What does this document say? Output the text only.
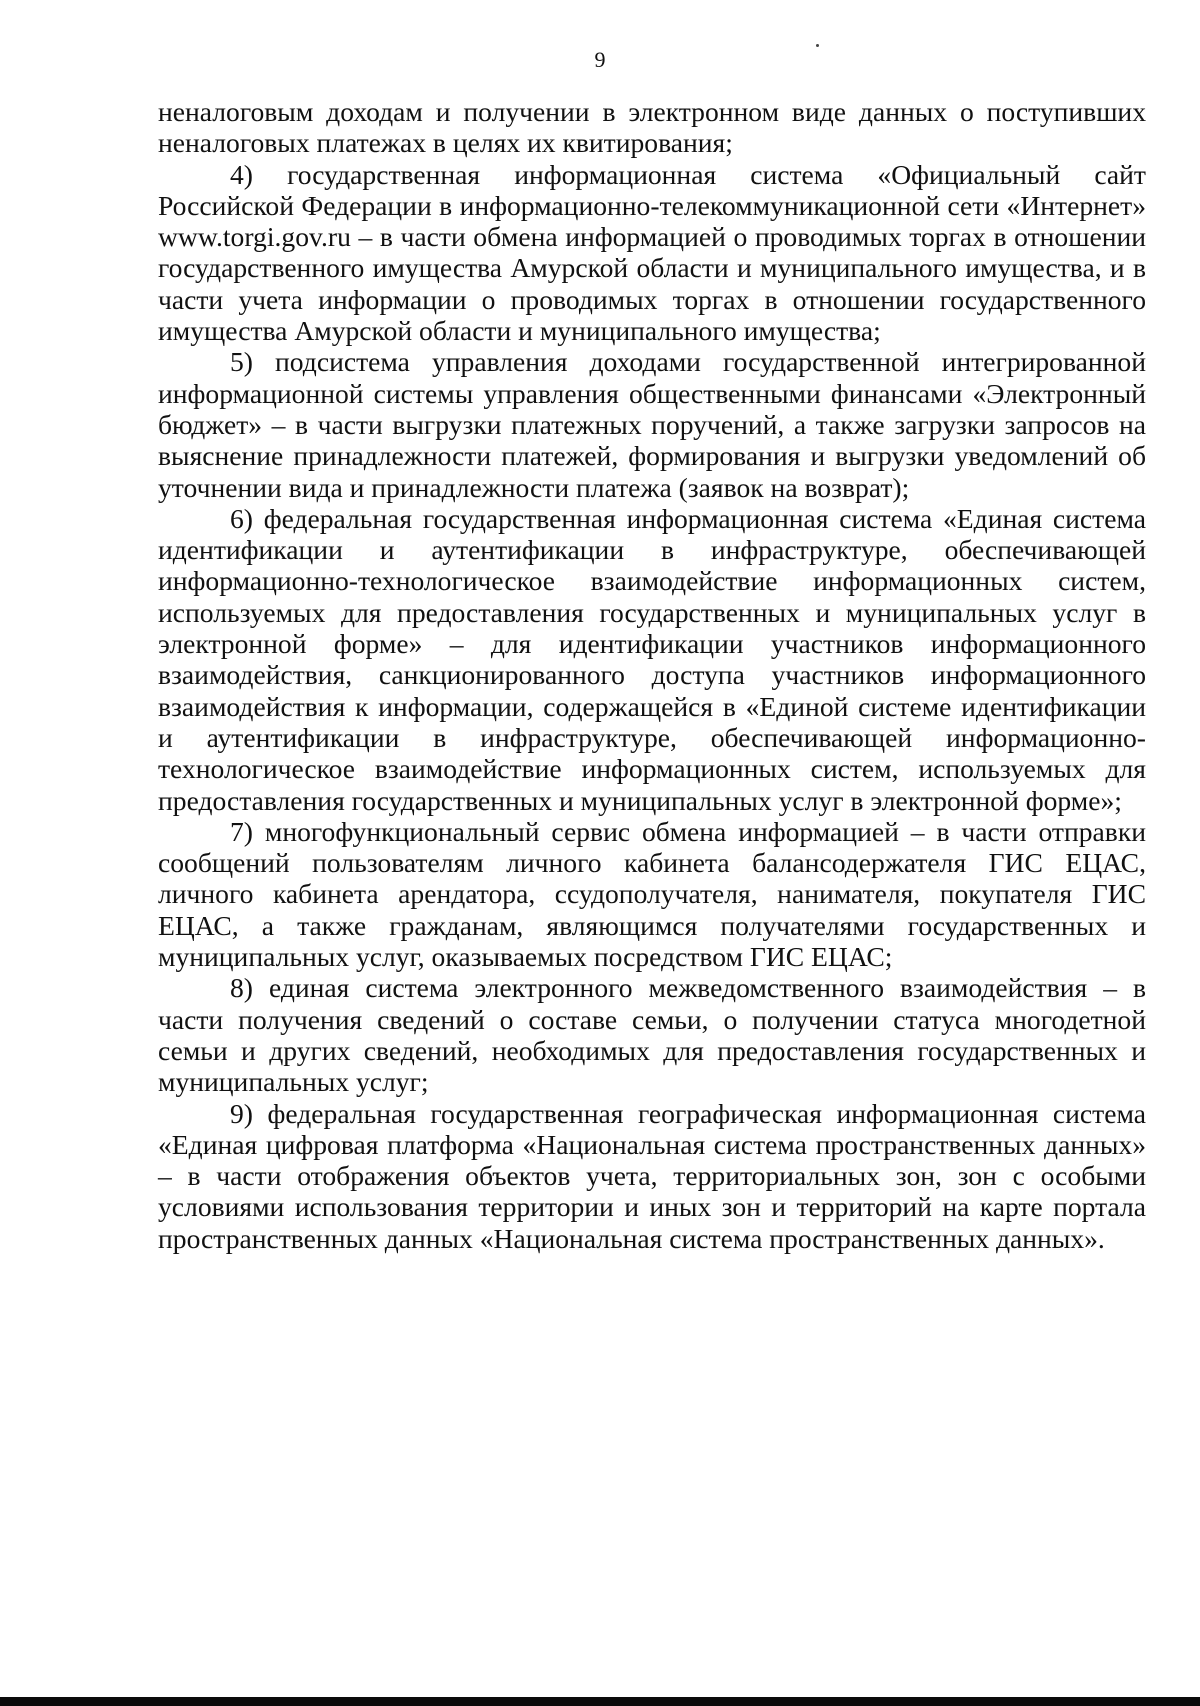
9

неналоговым доходам и получении в электронном виде данных о поступивших неналоговых платежах в целях их квитирования;

4) государственная информационная система «Официальный сайт Российской Федерации в информационно-телекоммуникационной сети «Интернет» www.torgi.gov.ru – в части обмена информацией о проводимых торгах в отношении государственного имущества Амурской области и муниципального имущества, и в части учета информации о проводимых торгах в отношении государственного имущества Амурской области и муниципального имущества;

5) подсистема управления доходами государственной интегрированной информационной системы управления общественными финансами «Электронный бюджет» – в части выгрузки платежных поручений, а также загрузки запросов на выяснение принадлежности платежей, формирования и выгрузки уведомлений об уточнении вида и принадлежности платежа (заявок на возврат);

6) федеральная государственная информационная система «Единая система идентификации и аутентификации в инфраструктуре, обеспечивающей информационно-технологическое взаимодействие информационных систем, используемых для предоставления государственных и муниципальных услуг в электронной форме» – для идентификации участников информационного взаимодействия, санкционированного доступа участников информационного взаимодействия к информации, содержащейся в «Единой системе идентификации и аутентификации в инфраструктуре, обеспечивающей информационно-технологическое взаимодействие информационных систем, используемых для предоставления государственных и муниципальных услуг в электронной форме»;

7) многофункциональный сервис обмена информацией – в части отправки сообщений пользователям личного кабинета балансодержателя ГИС ЕЦАС, личного кабинета арендатора, ссудополучателя, нанимателя, покупателя ГИС ЕЦАС, а также гражданам, являющимся получателями государственных и муниципальных услуг, оказываемых посредством ГИС ЕЦАС;

8) единая система электронного межведомственного взаимодействия – в части получения сведений о составе семьи, о получении статуса многодетной семьи и других сведений, необходимых для предоставления государственных и муниципальных услуг;

9) федеральная государственная географическая информационная система «Единая цифровая платформа «Национальная система пространственных данных» – в части отображения объектов учета, территориальных зон, зон с особыми условиями использования территории и иных зон и территорий на карте портала пространственных данных «Национальная система пространственных данных».
